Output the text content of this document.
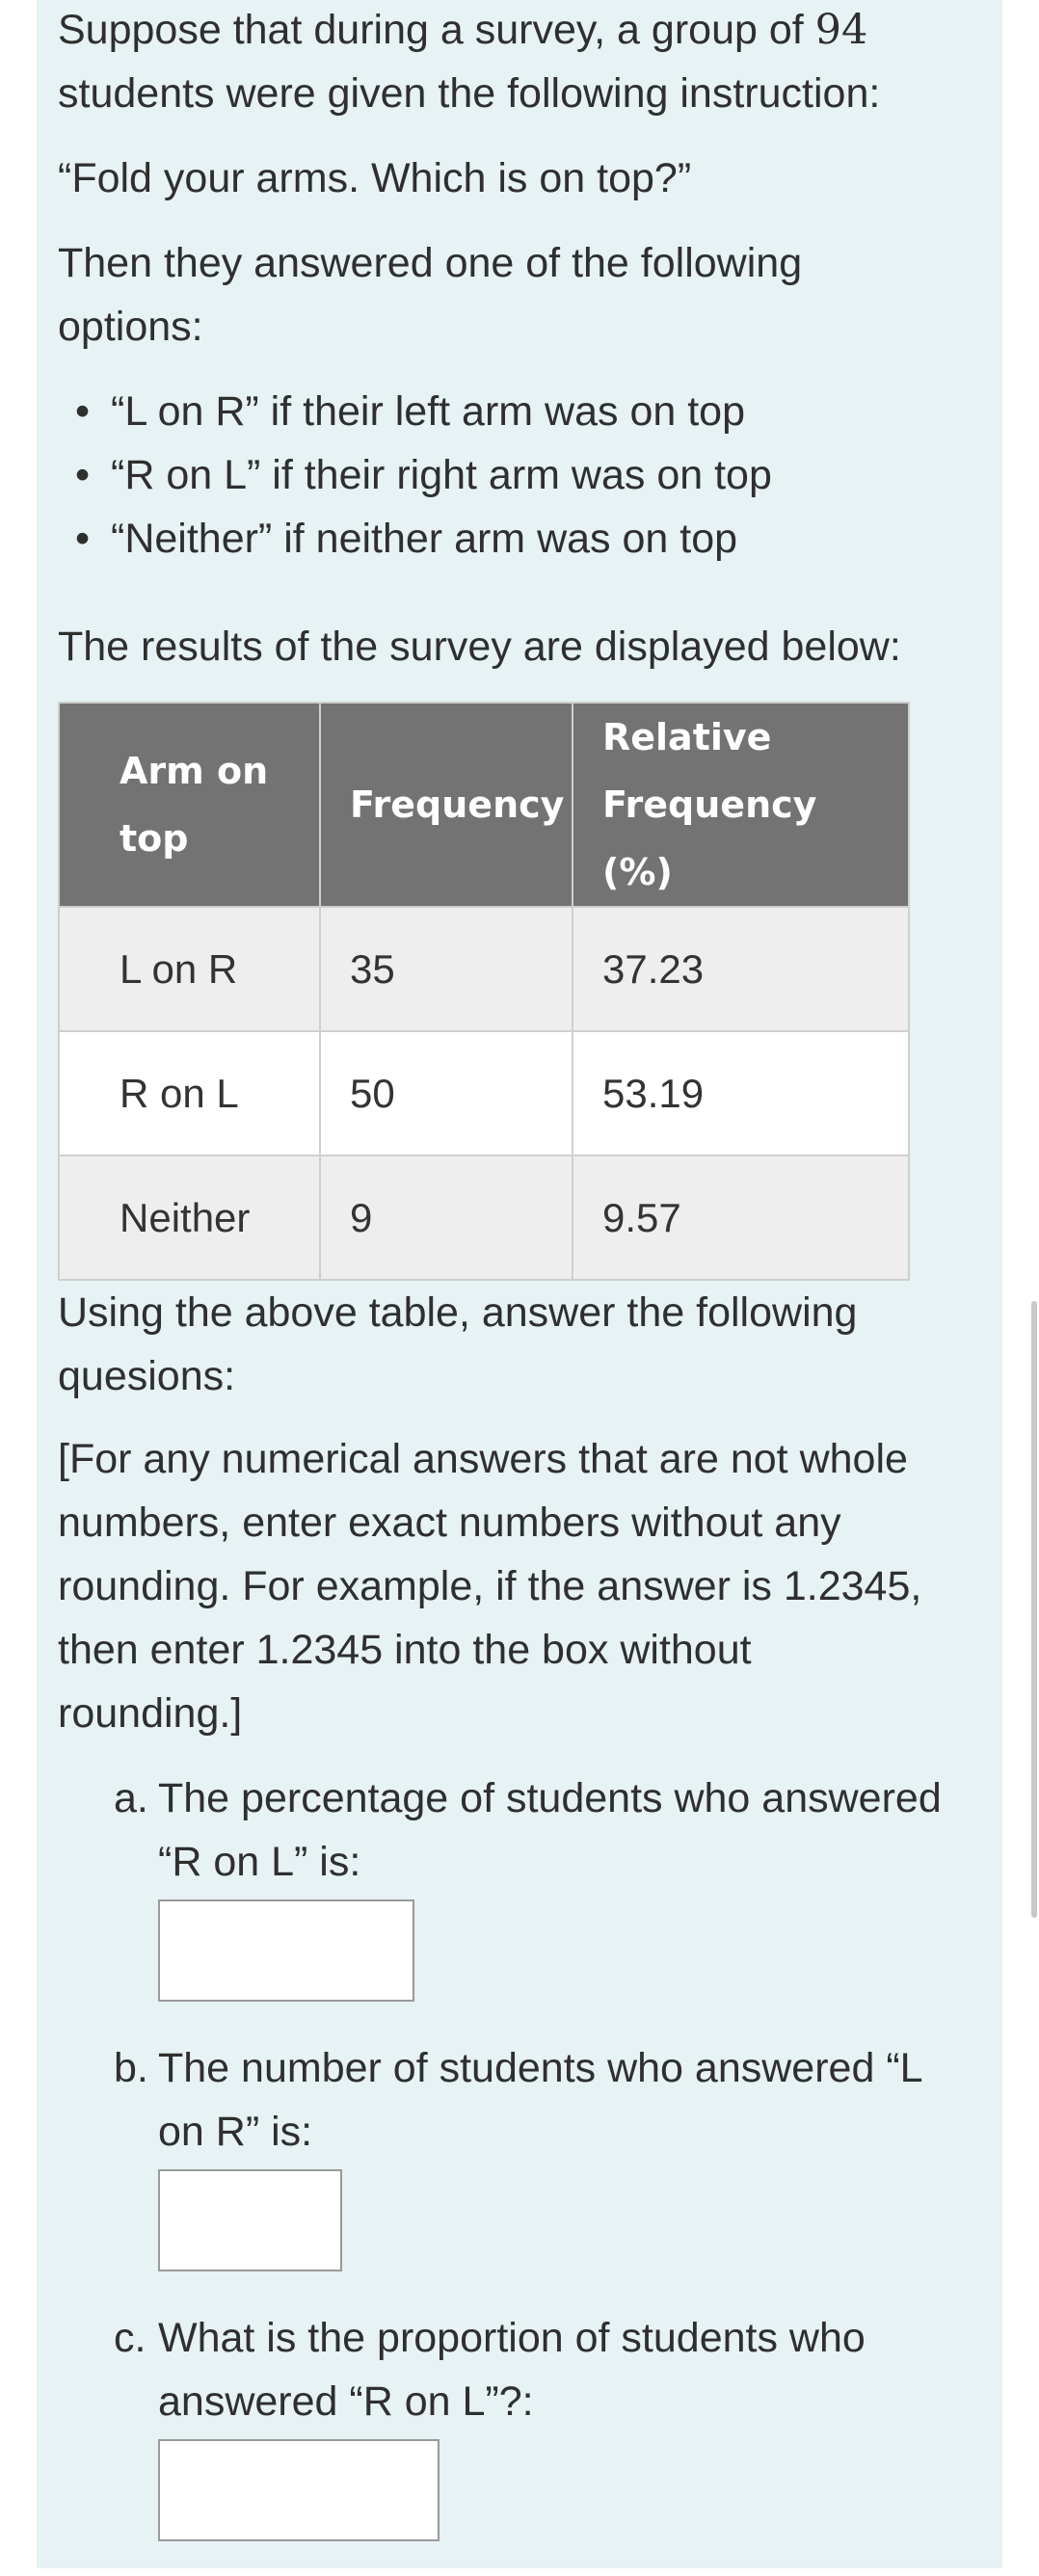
Suppose that during a survey, a group of 94 students were given the following instruction:

“Fold your arms. Which is on top?”

Then they answered one of the following options:

• “L on R” if their left arm was on top
• “R on L” if their right arm was on top
• “Neither” if neither arm was on top

The results of the survey are displayed below:

Arm on top	Frequency	Relative Frequency (%)
L on R	35	37.23
R on L	50	53.19
Neither	9	9.57

Using the above table, answer the following quesions:

[For any numerical answers that are not whole numbers, enter exact numbers without any rounding. For example, if the answer is 1.2345, then enter 1.2345 into the box without rounding.]

a. The percentage of students who answered “R on L” is:
b. The number of students who answered “L on R” is:
c. What is the proportion of students who answered “R on L”?:
